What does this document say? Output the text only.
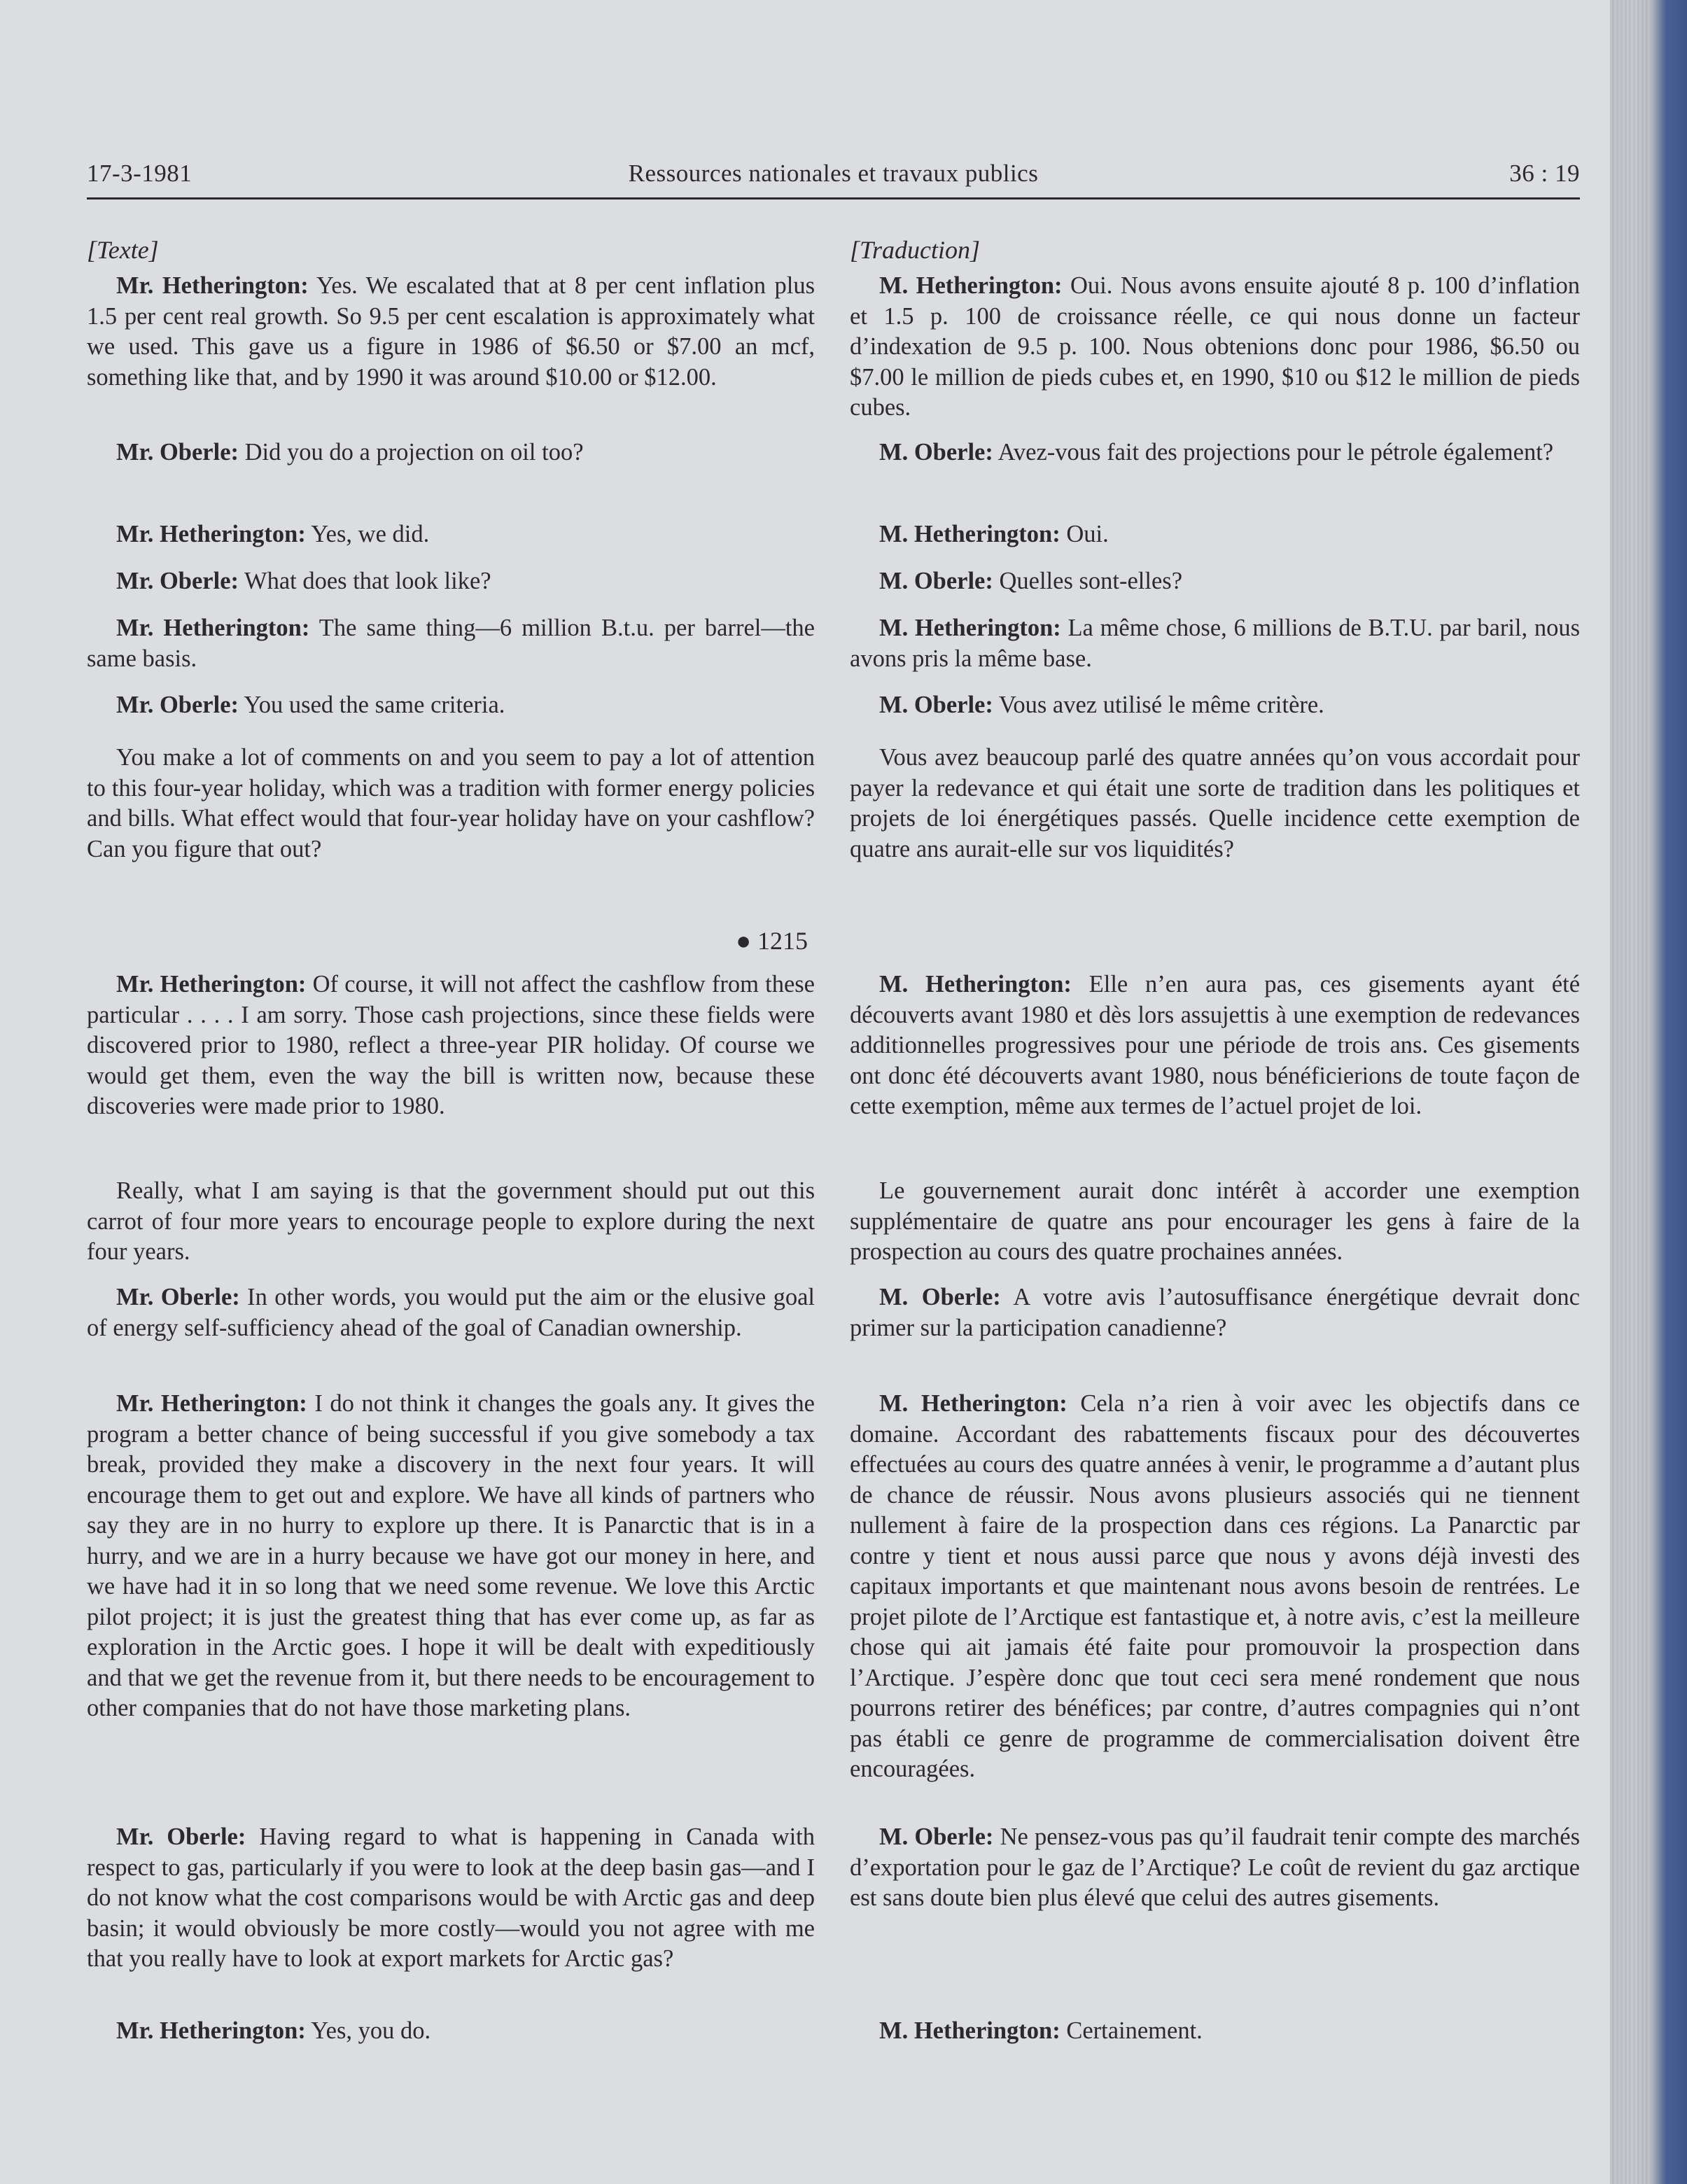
17-3-1981	Ressources nationales et travaux publics	36 : 19
[Texte]

Mr. Hetherington: Yes. We escalated that at 8 per cent inflation plus 1.5 per cent real growth. So 9.5 per cent escalation is approximately what we used. This gave us a figure in 1986 of $6.50 or $7.00 an mcf, something like that, and by 1990 it was around $10.00 or $12.00.

Mr. Oberle: Did you do a projection on oil too?

Mr. Hetherington: Yes, we did.

Mr. Oberle: What does that look like?

Mr. Hetherington: The same thing—6 million B.t.u. per barrel—the same basis.

Mr. Oberle: You used the same criteria.

You make a lot of comments on and you seem to pay a lot of attention to this four-year holiday, which was a tradition with former energy policies and bills. What effect would that four-year holiday have on your cashflow? Can you figure that out?

● 1215

Mr. Hetherington: Of course, it will not affect the cashflow from these particular . . . . I am sorry. Those cash projections, since these fields were discovered prior to 1980, reflect a three-year PIR holiday. Of course we would get them, even the way the bill is written now, because these discoveries were made prior to 1980.

Really, what I am saying is that the government should put out this carrot of four more years to encourage people to explore during the next four years.

Mr. Oberle: In other words, you would put the aim or the elusive goal of energy self-sufficiency ahead of the goal of Canadian ownership.

Mr. Hetherington: I do not think it changes the goals any. It gives the program a better chance of being successful if you give somebody a tax break, provided they make a discovery in the next four years. It will encourage them to get out and explore. We have all kinds of partners who say they are in no hurry to explore up there. It is Panarctic that is in a hurry, and we are in a hurry because we have got our money in here, and we have had it in so long that we need some revenue. We love this Arctic pilot project; it is just the greatest thing that has ever come up, as far as exploration in the Arctic goes. I hope it will be dealt with expeditiously and that we get the revenue from it, but there needs to be encouragement to other companies that do not have those marketing plans.

Mr. Oberle: Having regard to what is happening in Canada with respect to gas, particularly if you were to look at the deep basin gas—and I do not know what the cost comparisons would be with Arctic gas and deep basin; it would obviously be more costly—would you not agree with me that you really have to look at export markets for Arctic gas?

Mr. Hetherington: Yes, you do.

[Traduction]

M. Hetherington: Oui. Nous avons ensuite ajouté 8 p. 100 d’inflation et 1.5 p. 100 de croissance réelle, ce qui nous donne un facteur d’indexation de 9.5 p. 100. Nous obtenions donc pour 1986, $6.50 ou $7.00 le million de pieds cubes et, en 1990, $10 ou $12 le million de pieds cubes.

M. Oberle: Avez-vous fait des projections pour le pétrole également?

M. Hetherington: Oui.

M. Oberle: Quelles sont-elles?

M. Hetherington: La même chose, 6 millions de B.T.U. par baril, nous avons pris la même base.

M. Oberle: Vous avez utilisé le même critère.

Vous avez beaucoup parlé des quatre années qu’on vous accordait pour payer la redevance et qui était une sorte de tradition dans les politiques et projets de loi énergétiques passés. Quelle incidence cette exemption de quatre ans aurait-elle sur vos liquidités?

M. Hetherington: Elle n’en aura pas, ces gisements ayant été découverts avant 1980 et dès lors assujettis à une exemption de redevances additionnelles progressives pour une période de trois ans. Ces gisements ont donc été découverts avant 1980, nous bénéficierions de toute façon de cette exemption, même aux termes de l’actuel projet de loi.

Le gouvernement aurait donc intérêt à accorder une exemption supplémentaire de quatre ans pour encourager les gens à faire de la prospection au cours des quatre prochaines années.

M. Oberle: A votre avis l’autosuffisance énergétique devrait donc primer sur la participation canadienne?

M. Hetherington: Cela n’a rien à voir avec les objectifs dans ce domaine. Accordant des rabattements fiscaux pour des découvertes effectuées au cours des quatre années à venir, le programme a d’autant plus de chance de réussir. Nous avons plusieurs associés qui ne tiennent nullement à faire de la prospection dans ces régions. La Panarctic par contre y tient et nous aussi parce que nous y avons déjà investi des capitaux importants et que maintenant nous avons besoin de rentrées. Le projet pilote de l’Arctique est fantastique et, à notre avis, c’est la meilleure chose qui ait jamais été faite pour promouvoir la prospection dans l’Arctique. J’espère donc que tout ceci sera mené rondement que nous pourrons retirer des bénéfices; par contre, d’autres compagnies qui n’ont pas établi ce genre de programme de commercialisation doivent être encouragées.

M. Oberle: Ne pensez-vous pas qu’il faudrait tenir compte des marchés d’exportation pour le gaz de l’Arctique? Le coût de revient du gaz arctique est sans doute bien plus élevé que celui des autres gisements.

M. Hetherington: Certainement.
